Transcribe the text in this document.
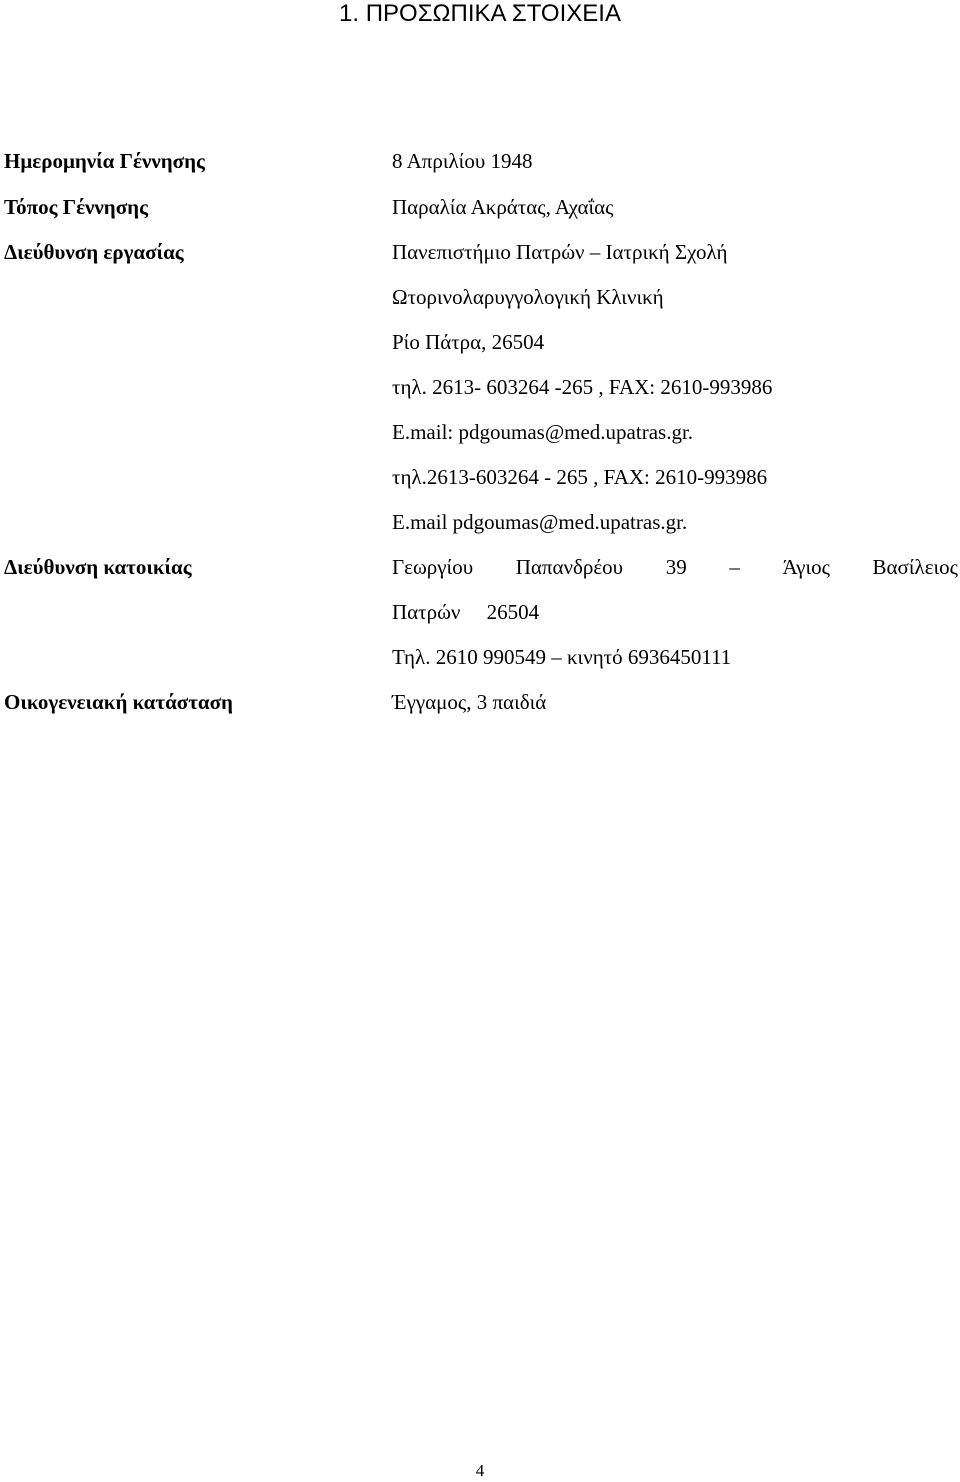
1. ΠΡΟΣΩΠΙΚΑ ΣΤΟΙΧΕΙΑ
Ημερομηνία Γέννησης	8 Απριλίου 1948
Τόπος Γέννησης	Παραλία Ακράτας, Αχαΐας
Διεύθυνση εργασίας	Πανεπιστήμιο Πατρών – Ιατρική Σχολή
Ωτορινολαρυγγολογική Κλινική
Ρίο Πάτρα, 26504
τηλ. 2613- 603264 -265 , FAX: 2610-993986
E.mail: pdgoumas@med.upatras.gr.
τηλ.2613-603264 - 265 , FAX: 2610-993986
E.mail pdgoumas@med.upatras.gr.
Διεύθυνση κατοικίας	Γεωργίου Παπανδρέου 39 – Άγιος Βασίλειος
Πατρών     26504
Τηλ. 2610 990549 – κινητό 6936450111
Οικογενειακή κατάσταση	Έγγαμος, 3 παιδιά
4
